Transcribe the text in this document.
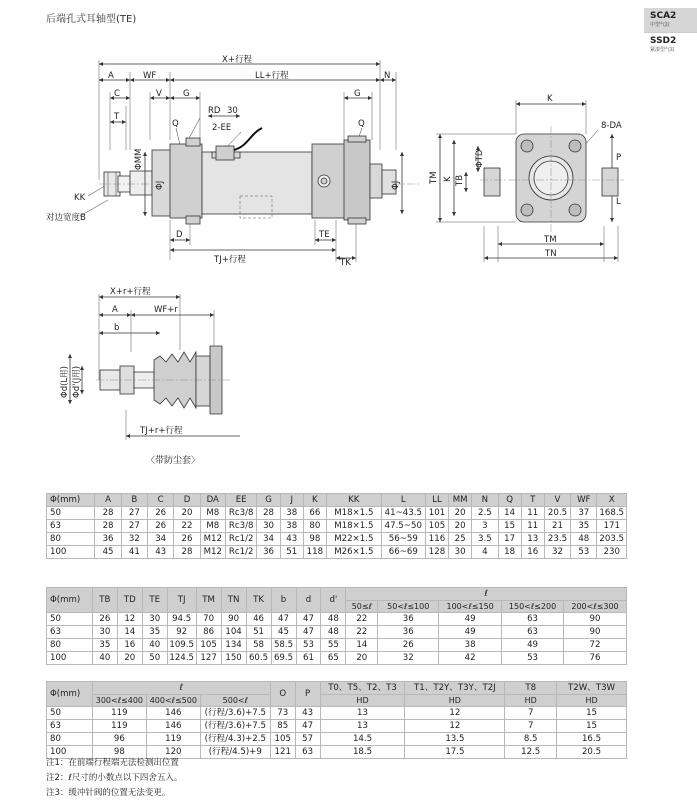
后端孔式耳轴型(TE)	SCA2
中型气缸
SSD2
紧凑型气缸
X+行程
A	WF	LL+行程	N
C	V G	G
RD 30
T
Q	2-EE	Q
ΦMM
ΦJ	ΦJ
KK
对边宽度B
D	TE
TJ+行程	TK
K
8-DA
TM K
ΦTD
TB
P
L
TM
TN
X+r+行程
A	WF+r
b
Φd(L用) Φd'(J用)
TJ+r+行程
〈带防尘套〉
Φ(mm)	A	B	C	D	DA	EE	G	J	K	KK	L	LL	MM	N	Q	T	V	WF	X
50	28	27	26	20	M8	Rc3/8	28	38	66	M18×1.5	41~43.5	101	20	2.5	14	11	20.5	37	168.5
63	28	27	26	22	M8	Rc3/8	30	38	80	M18×1.5	47.5~50	105	20	3	15	11	21	35	171
80	36	32	34	26	M12	Rc1/2	34	43	98	M22×1.5	56~59	116	25	3.5	17	13	23.5	48	203.5
100	45	41	43	28	M12	Rc1/2	36	51	118	M26×1.5	66~69	128	30	4	18	16	32	53	230
Φ(mm)	TB	TD	TE	TJ	TM	TN	TK	b	d	d'	ℓ				
											50≤ℓ	50<ℓ≤100	100<ℓ≤150	150<ℓ≤200	200<ℓ≤300
50	26	12	30	94.5	70	90	46	47	47	48	22	36	49	63	90
63	30	14	35	92	86	104	51	45	47	48	22	36	49	63	90
80	35	16	40	109.5	105	134	58	58.5	53	55	14	26	38	49	72
100	40	20	50	124.5	127	150	60.5	69.5	61	65	20	32	42	53	76
Φ(mm)	ℓ			O	P	T0、T5、T2、T3	T1、T2Y、T3Y、T2J	T8	T2W、T3W
	300<ℓ≤400	400<ℓ≤500	500<ℓ			HD	HD	HD	HD
50	119	146	(行程/3.6)+7.5	73	43	13	12	7	15
63	119	146	(行程/3.6)+7.5	85	47	13	12	7	15
80	96	119	(行程/4.3)+2.5	105	57	14.5	13.5	8.5	16.5
100	98	120	(行程/4.5)+9	121	63	18.5	17.5	12.5	20.5
注1：在前端行程端无法检测出位置
注2：ℓ尺寸的小数点以下四舍五入。
注3：缓冲针阀的位置无法变更。
